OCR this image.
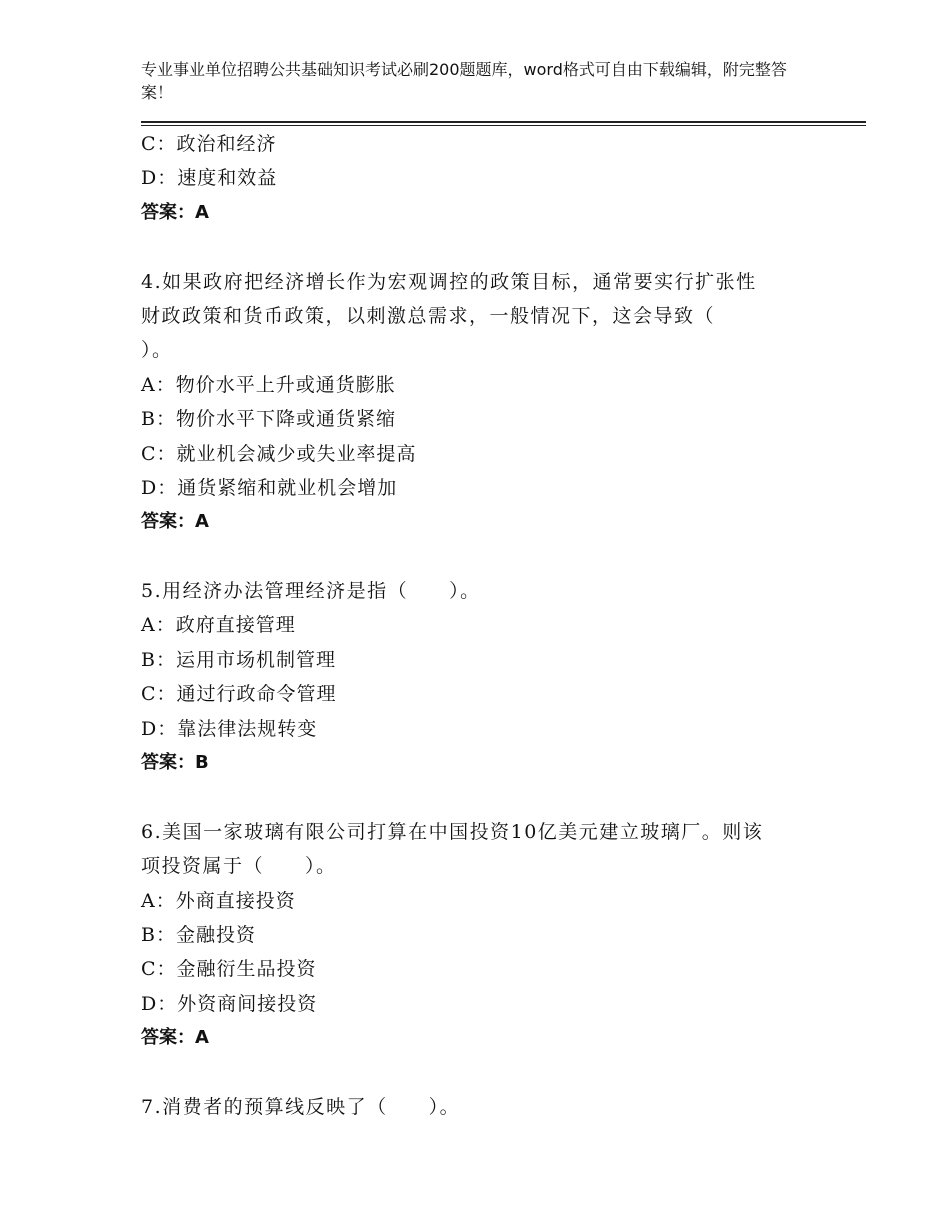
专业事业单位招聘公共基础知识考试必刷200题题库，word格式可自由下载编辑，附完整答案！
C：政治和经济
D：速度和效益
答案：A
4.如果政府把经济增长作为宏观调控的政策目标，通常要实行扩张性
财政政策和货币政策，以刺激总需求，一般情况下，这会导致（
）。
A：物价水平上升或通货膨胀
B：物价水平下降或通货紧缩
C：就业机会减少或失业率提高
D：通货紧缩和就业机会增加
答案：A
5.用经济办法管理经济是指（　　）。
A：政府直接管理
B：运用市场机制管理
C：通过行政命令管理
D：靠法律法规转变
答案：B
6.美国一家玻璃有限公司打算在中国投资10亿美元建立玻璃厂。则该
项投资属于（　　）。
A：外商直接投资
B：金融投资
C：金融衍生品投资
D：外资商间接投资
答案：A
7.消费者的预算线反映了（　　）。
